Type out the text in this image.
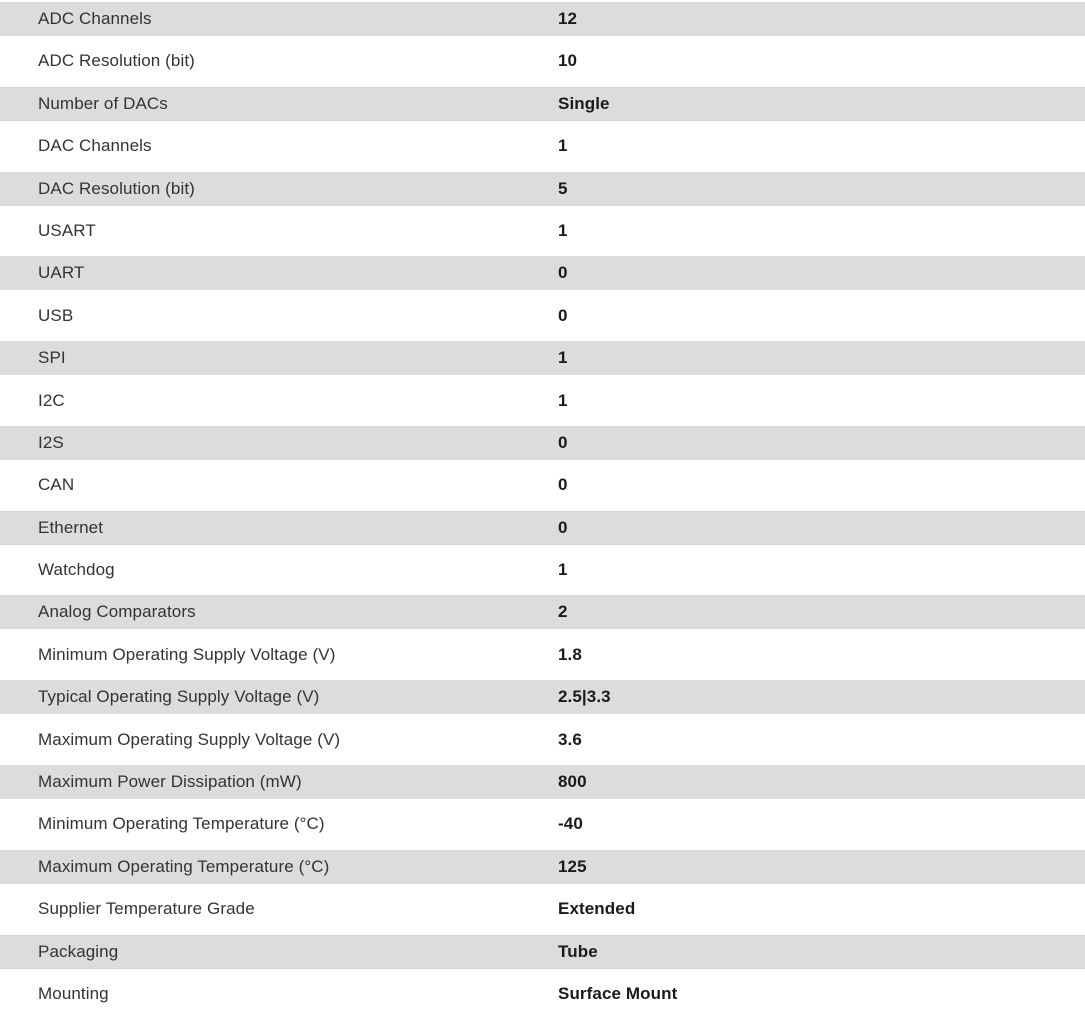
ADC Channels	12
ADC Resolution (bit)	10
Number of DACs	Single
DAC Channels	1
DAC Resolution (bit)	5
USART	1
UART	0
USB	0
SPI	1
I2C	1
I2S	0
CAN	0
Ethernet	0
Watchdog	1
Analog Comparators	2
Minimum Operating Supply Voltage (V)	1.8
Typical Operating Supply Voltage (V)	2.5|3.3
Maximum Operating Supply Voltage (V)	3.6
Maximum Power Dissipation (mW)	800
Minimum Operating Temperature (°C)	-40
Maximum Operating Temperature (°C)	125
Supplier Temperature Grade	Extended
Packaging	Tube
Mounting	Surface Mount
